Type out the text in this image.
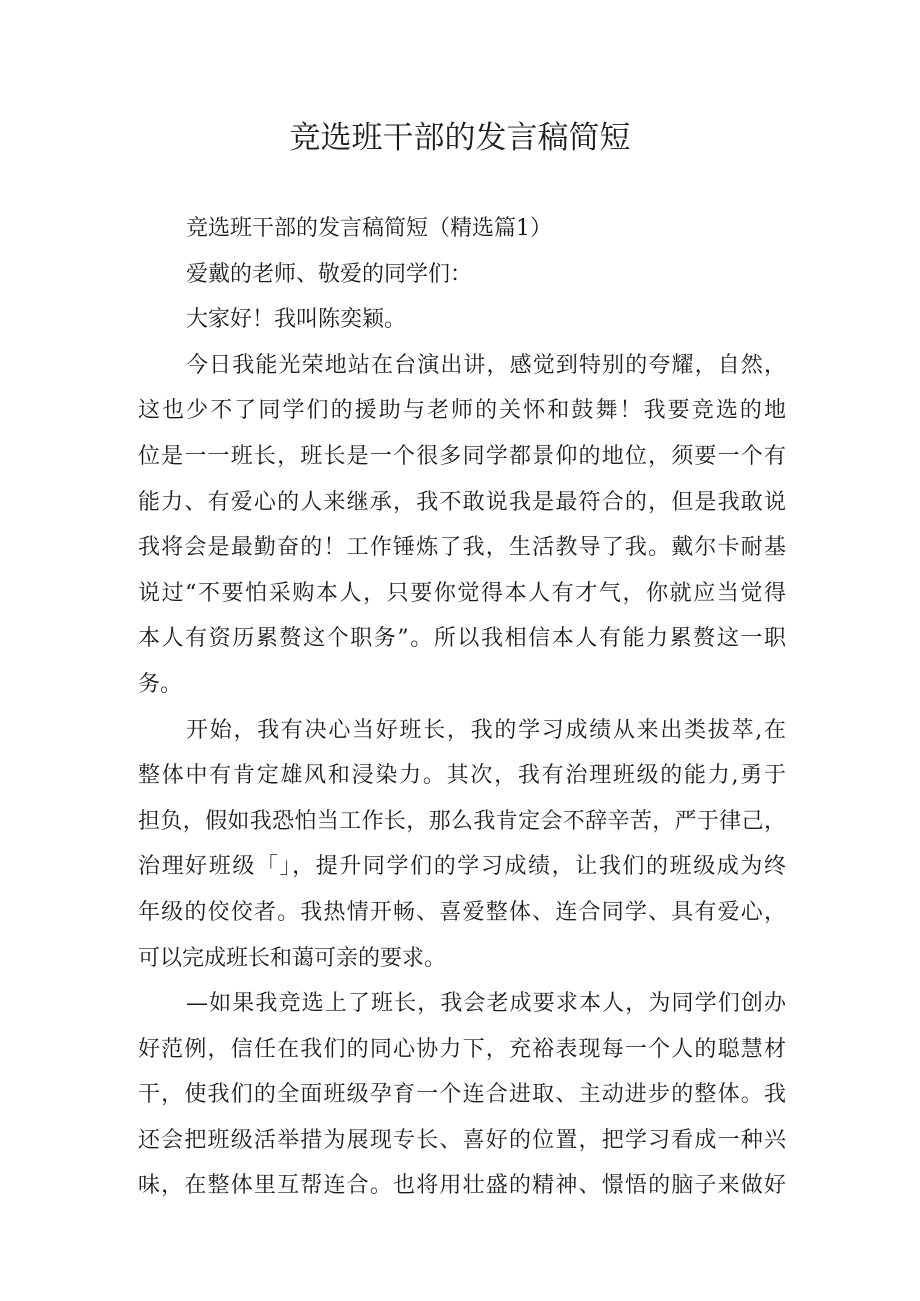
竞选班干部的发言稿简短
竞选班干部的发言稿简短（精选篇1）
爱戴的老师、敬爱的同学们：
大家好！我叫陈奕颖。
今日我能光荣地站在台演出讲，感觉到特别的夸耀，自然，
这也少不了同学们的援助与老师的关怀和鼓舞！我要竞选的地
位是一一班长，班长是一个很多同学都景仰的地位，须要一个有
能力、有爱心的人来继承，我不敢说我是最符合的，但是我敢说
我将会是最勤奋的！工作锤炼了我，生活教导了我。戴尔卡耐基
说过“不要怕采购本人，只要你觉得本人有才气，你就应当觉得
本人有资历累赘这个职务”。所以我相信本人有能力累赘这一职
务。
开始，我有决心当好班长，我的学习成绩从来出类拔萃,在
整体中有肯定雄风和浸染力。其次，我有治理班级的能力,勇于
担负，假如我恐怕当工作长，那么我肯定会不辞辛苦，严于律己，
治理好班级「」，提升同学们的学习成绩，让我们的班级成为终
年级的佼佼者。我热情开畅、喜爱整体、连合同学、具有爱心，
可以完成班长和蔼可亲的要求。
—如果我竞选上了班长，我会老成要求本人，为同学们创办
好范例，信任在我们的同心协力下，充裕表现每一个人的聪慧材
干，使我们的全面班级孕育一个连合进取、主动进步的整体。我
还会把班级活举措为展现专长、喜好的位置，把学习看成一种兴
味，在整体里互帮连合。也将用壮盛的精神、憬悟的脑子来做好
